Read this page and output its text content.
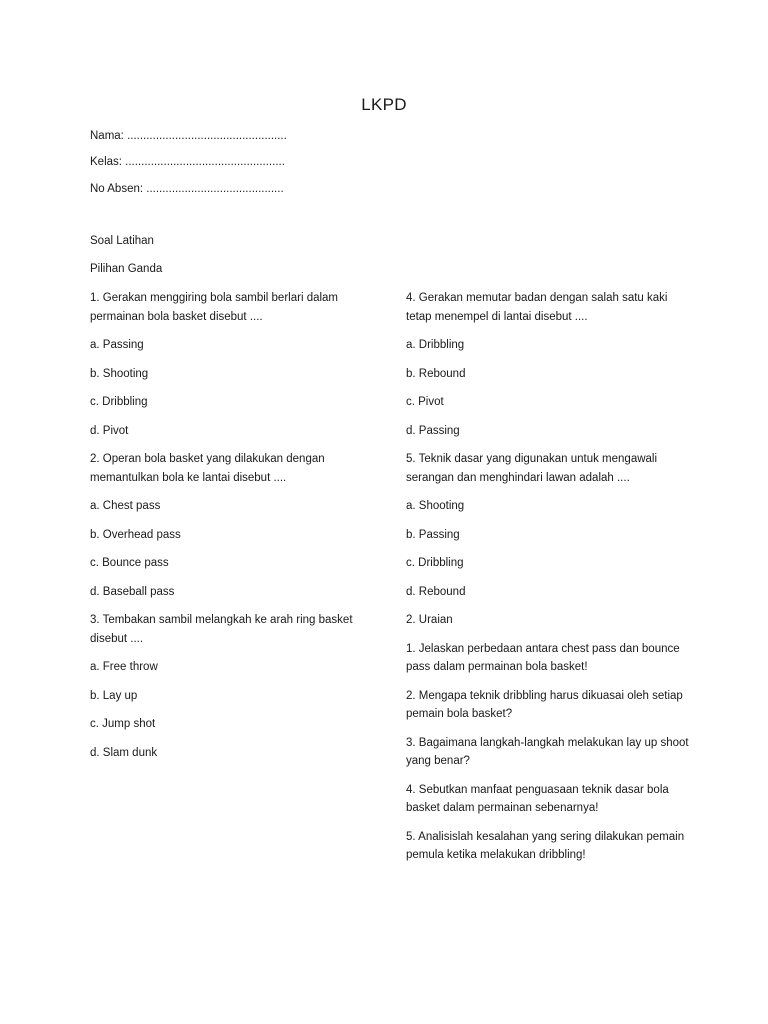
LKPD
Nama: ..................................................
Kelas: ..................................................
No Absen: ...........................................
Soal Latihan
Pilihan Ganda
1. Gerakan menggiring bola sambil berlari dalam permainan bola basket disebut ....
a. Passing
b. Shooting
c. Dribbling
d. Pivot
2. Operan bola basket yang dilakukan dengan memantulkan bola ke lantai disebut ....
a. Chest pass
b. Overhead pass
c. Bounce pass
d. Baseball pass
3. Tembakan sambil melangkah ke arah ring basket disebut ....
a. Free throw
b. Lay up
c. Jump shot
d. Slam dunk
4. Gerakan memutar badan dengan salah satu kaki tetap menempel di lantai disebut ....
a. Dribbling
b. Rebound
c. Pivot
d. Passing
5. Teknik dasar yang digunakan untuk mengawali serangan dan menghindari lawan adalah ....
a. Shooting
b. Passing
c. Dribbling
d. Rebound
2. Uraian
1. Jelaskan perbedaan antara chest pass dan bounce pass dalam permainan bola basket!
2. Mengapa teknik dribbling harus dikuasai oleh setiap pemain bola basket?
3. Bagaimana langkah-langkah melakukan lay up shoot yang benar?
4. Sebutkan manfaat penguasaan teknik dasar bola basket dalam permainan sebenarnya!
5. Analisislah kesalahan yang sering dilakukan pemain pemula ketika melakukan dribbling!
